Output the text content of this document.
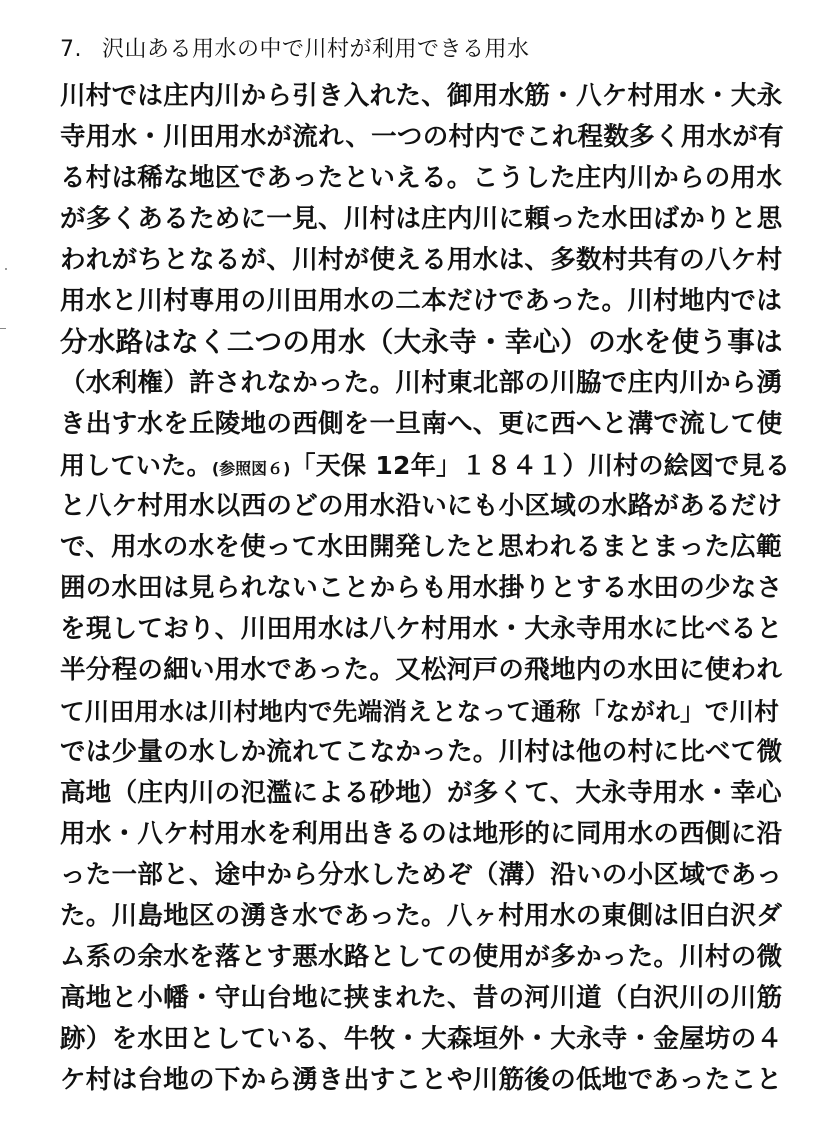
7. 沢山ある用水の中で川村が利用できる用水
川村では庄内川から引き入れた、御用水筋・八ケ村用水・大永
寺用水・川田用水が流れ、一つの村内でこれ程数多く用水が有
る村は稀な地区であったといえる。こうした庄内川からの用水
が多くあるために一見、川村は庄内川に頼った水田ばかりと思
われがちとなるが、川村が使える用水は、多数村共有の八ケ村
用水と川村専用の川田用水の二本だけであった。川村地内では
分水路はなく二つの用水（大永寺・幸心）の水を使う事は
（水利権）許されなかった。川村東北部の川脇で庄内川から湧
き出す水を丘陵地の西側を一旦南へ、更に西へと溝で流して使
用していた。(参照図６)「天保 12年」１８４１）川村の絵図で見る
と八ケ村用水以西のどの用水沿いにも小区域の水路があるだけ
で、用水の水を使って水田開発したと思われるまとまった広範
囲の水田は見られないことからも用水掛りとする水田の少なさ
を現しており、川田用水は八ケ村用水・大永寺用水に比べると
半分程の細い用水であった。又松河戸の飛地内の水田に使われ
て川田用水は川村地内で先端消えとなって通称「ながれ」で川村
では少量の水しか流れてこなかった。川村は他の村に比べて微
高地（庄内川の氾濫による砂地）が多くて、大永寺用水・幸心
用水・八ケ村用水を利用出きるのは地形的に同用水の西側に沿
った一部と、途中から分水しためぞ（溝）沿いの小区域であっ
た。川島地区の湧き水であった。八ヶ村用水の東側は旧白沢ダ
ム系の余水を落とす悪水路としての使用が多かった。川村の微
高地と小幡・守山台地に挟まれた、昔の河川道（白沢川の川筋
跡）を水田としている、牛牧・大森垣外・大永寺・金屋坊の４
ケ村は台地の下から湧き出すことや川筋後の低地であったこと
